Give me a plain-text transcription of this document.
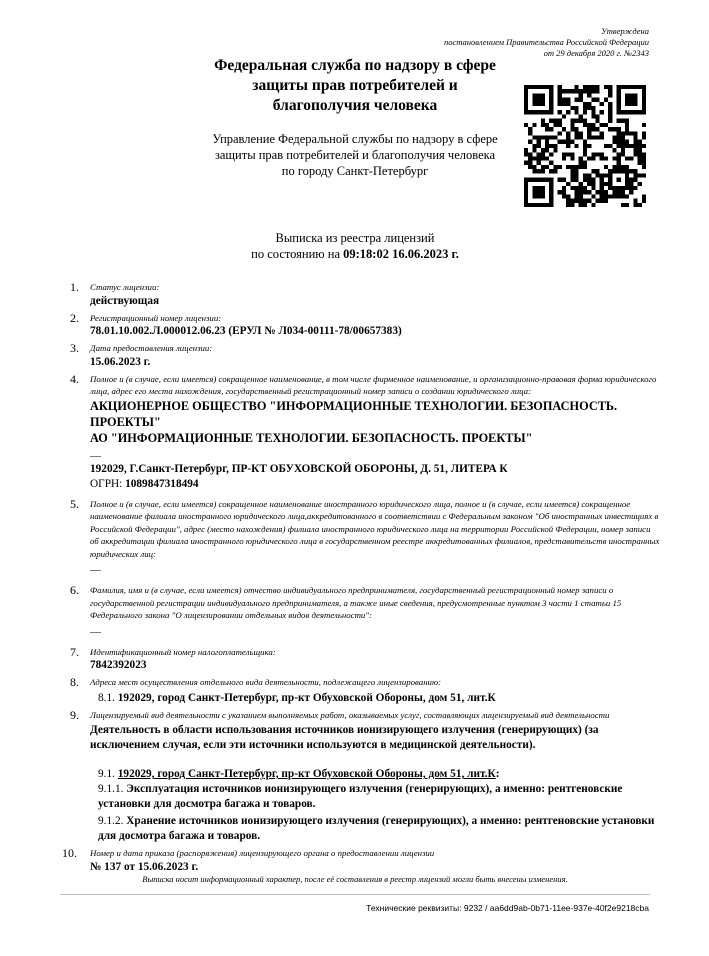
Утверждена
постановлением Правительства Российской Федерации
от 29 декабря 2020 г. №2343
Федеральная служба по надзору в сфере защиты прав потребителей и благополучия человека
Управление Федеральной службы по надзору в сфере защиты прав потребителей и благополучия человека по городу Санкт-Петербург
Выписка из реестра лицензий
по состоянию на 09:18:02 16.06.2023 г.
1.	Статус лицензии:
действующая
2.	Регистрационный номер лицензии:
78.01.10.002.Л.000012.06.23 (ЕРУЛ № Л034-00111-78/00657383)
3.	Дата предоставления лицензии:
15.06.2023 г.
4.	Полное и (в случае, если имеется) сокращенное наименование, в том числе фирменное наименование, и организационно-правовая форма юридического лица, адрес его места нахождения, государственный регистрационный номер записи о создании юридического лица:
АКЦИОНЕРНОЕ ОБЩЕСТВО "ИНФОРМАЦИОННЫЕ ТЕХНОЛОГИИ. БЕЗОПАСНОСТЬ. ПРОЕКТЫ"
АО "ИНФОРМАЦИОННЫЕ ТЕХНОЛОГИИ. БЕЗОПАСНОСТЬ. ПРОЕКТЫ"
—
192029, Г.Санкт-Петербург, ПР-КТ ОБУХОВСКОЙ ОБОРОНЫ, Д. 51, ЛИТЕРА К
ОГРН: 1089847318494
5.	Полное и (в случае, если имеется) сокращенное наименование иностранного юридического лица, полное и (в случае, если имеется) сокращенное наименование филиала иностранного юридического лица,аккредитованного в соответствии с Федеральным законом "Об иностранных инвестициях в Российской Федерации", адрес (место нахождения) филиала иностранного юридического лица на территории Российской Федерации, номер записи об аккредитации филиала иностранного юридического лица в государственном реестре аккредитованных филиалов, представительств иностранных юридических лиц:
—
6.	Фамилия, имя и (в случае, если имеется) отчество индивидуального предпринимателя, государственный регистрационный номер записи о государственной регистрации индивидуального предпринимателя, а также иные сведения, предусмотренные пунктом 3 части 1 статьи 15 Федерального закона "О лицензировании отдельных видов деятельности":
—
7.	Идентификационный номер налогоплательщика:
7842392023
8.	Адреса мест осуществления отдельного вида деятельности, подлежащего лицензированию:
8.1. 192029, город Санкт-Петербург, пр-кт Обуховской Обороны, дом 51, лит.К
9.	Лицензируемый вид деятельности с указанием выполняемых работ, оказываемых услуг, составляющих лицензируемый вид деятельности
Деятельность в области использования источников ионизирующего излучения (генерирующих) (за исключением случая, если эти источники используются в медицинской деятельности).
9.1. 192029, город Санкт-Петербург, пр-кт Обуховской Обороны, дом 51, лит.К:
9.1.1. Эксплуатация источников ионизирующего излучения (генерирующих), а именно: рентгеновские установки для досмотра багажа и товаров.
9.1.2. Хранение источников ионизирующего излучения (генерирующих), а именно: рентгеновские установки для досмотра багажа и товаров.
10.	Номер и дата приказа (распоряжения) лицензирующего органа о предоставлении лицензии
№ 137 от 15.06.2023 г.
Выписка носит информационный характер, после её составления в реестр лицензий могли быть внесены изменения.
Технические реквизиты: 9232 / aa6dd9ab-0b71-11ee-937e-40f2e9218cba
